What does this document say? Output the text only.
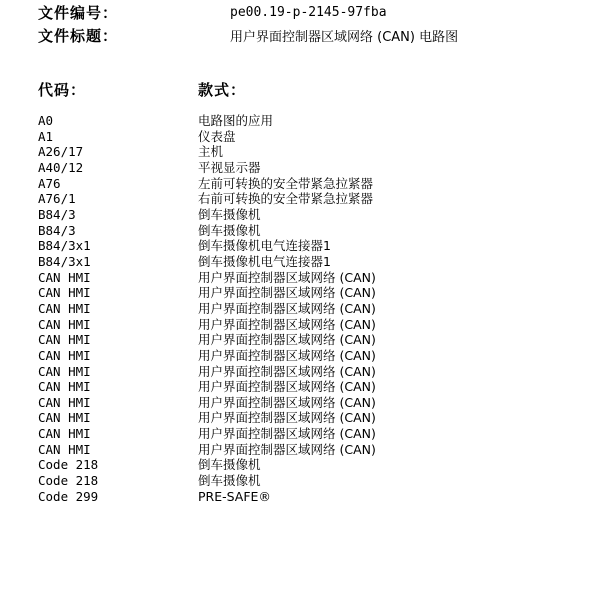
文件编号：	pe00.19-p-2145-97fba
文件标题：	用户界面控制器区域网络 (CAN) 电路图
代码：	款式：
A0	电路图的应用
A1	仪表盘
A26/17	主机
A40/12	平视显示器
A76	左前可转换的安全带紧急拉紧器
A76/1	右前可转换的安全带紧急拉紧器
B84/3	倒车摄像机
B84/3	倒车摄像机
B84/3x1	倒车摄像机电气连接器1
B84/3x1	倒车摄像机电气连接器1
CAN HMI	用户界面控制器区域网络 (CAN)
CAN HMI	用户界面控制器区域网络 (CAN)
CAN HMI	用户界面控制器区域网络 (CAN)
CAN HMI	用户界面控制器区域网络 (CAN)
CAN HMI	用户界面控制器区域网络 (CAN)
CAN HMI	用户界面控制器区域网络 (CAN)
CAN HMI	用户界面控制器区域网络 (CAN)
CAN HMI	用户界面控制器区域网络 (CAN)
CAN HMI	用户界面控制器区域网络 (CAN)
CAN HMI	用户界面控制器区域网络 (CAN)
CAN HMI	用户界面控制器区域网络 (CAN)
CAN HMI	用户界面控制器区域网络 (CAN)
Code 218	倒车摄像机
Code 218	倒车摄像机
Code 299	PRE-SAFE®
